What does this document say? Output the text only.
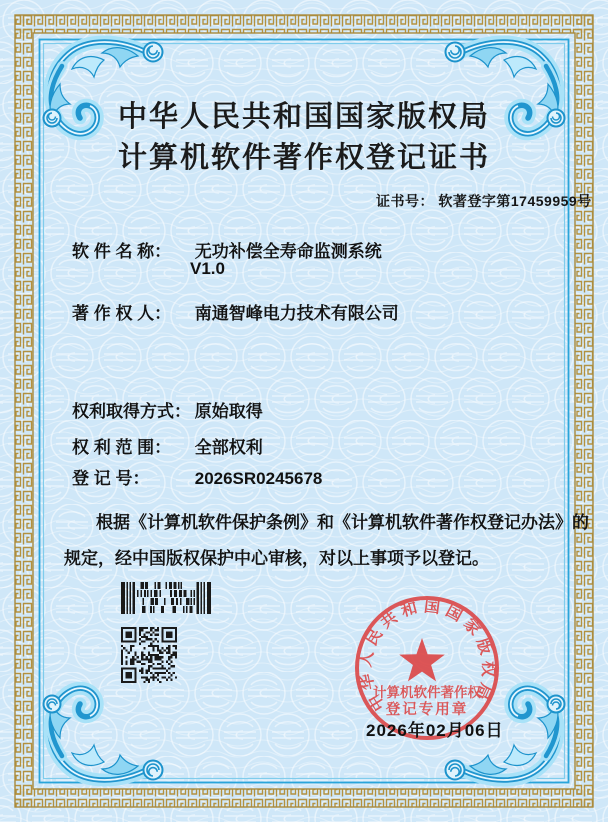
中华人民共和国国家版权局
计算机软件著作权登记证书
证书号： 软著登字第17459959号
软 件 名 称： 无功补偿全寿命监测系统
V1.0
著 作 权 人： 南通智峰电力技术有限公司
权利取得方式： 原始取得
权 利 范 围： 全部权利
登 记 号：	2026SR0245678
根据《计算机软件保护条例》和《计算机软件著作权登记办法》的
规定，经中国版权保护中心审核，对以上事项予以登记。
中华人民共和国国家版权局
计算机软件著作权
登记专用章
2026年02月06日
